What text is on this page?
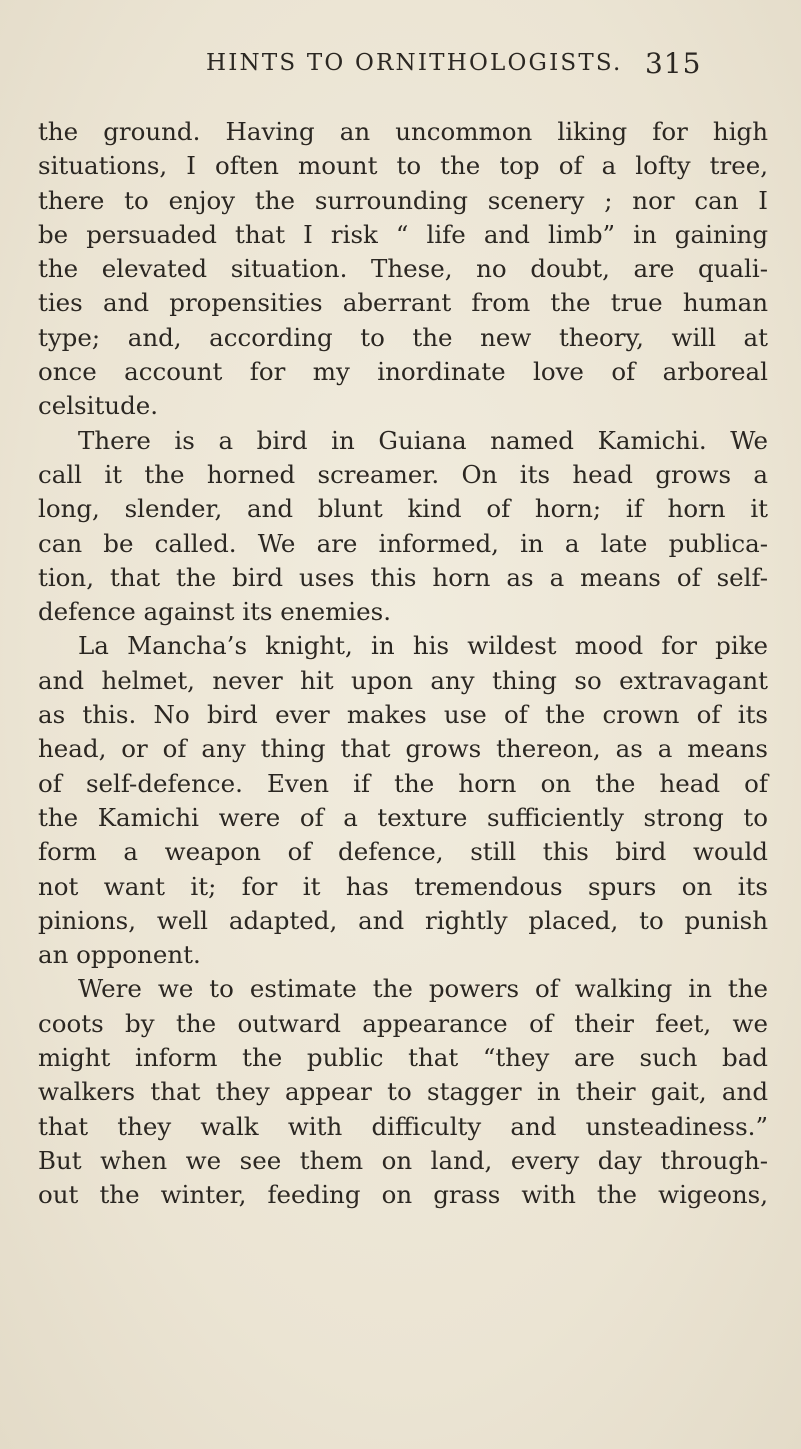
HINTS TO ORNITHOLOGISTS. 315
the ground. Having an uncommon liking for high
situations, I often mount to the top of a lofty tree,
there to enjoy the surrounding scenery ; nor can I
be persuaded that I risk “ life and limb” in gaining
the elevated situation. These, no doubt, are quali-
ties and propensities aberrant from the true human
type; and, according to the new theory, will at
once account for my inordinate love of arboreal
celsitude.
There is a bird in Guiana named Kamichi. We
call it the horned screamer. On its head grows a
long, slender, and blunt kind of horn; if horn it
can be called. We are informed, in a late publica-
tion, that the bird uses this horn as a means of self-
defence against its enemies.
La Mancha’s knight, in his wildest mood for pike
and helmet, never hit upon any thing so extravagant
as this. No bird ever makes use of the crown of its
head, or of any thing that grows thereon, as a means
of self-defence. Even if the horn on the head of
the Kamichi were of a texture sufficiently strong to
form a weapon of defence, still this bird would
not want it; for it has tremendous spurs on its
pinions, well adapted, and rightly placed, to punish
an opponent.
Were we to estimate the powers of walking in the
coots by the outward appearance of their feet, we
might inform the public that “they are such bad
walkers that they appear to stagger in their gait, and
that they walk with difficulty and unsteadiness.”
But when we see them on land, every day through-
out the winter, feeding on grass with the wigeons,
